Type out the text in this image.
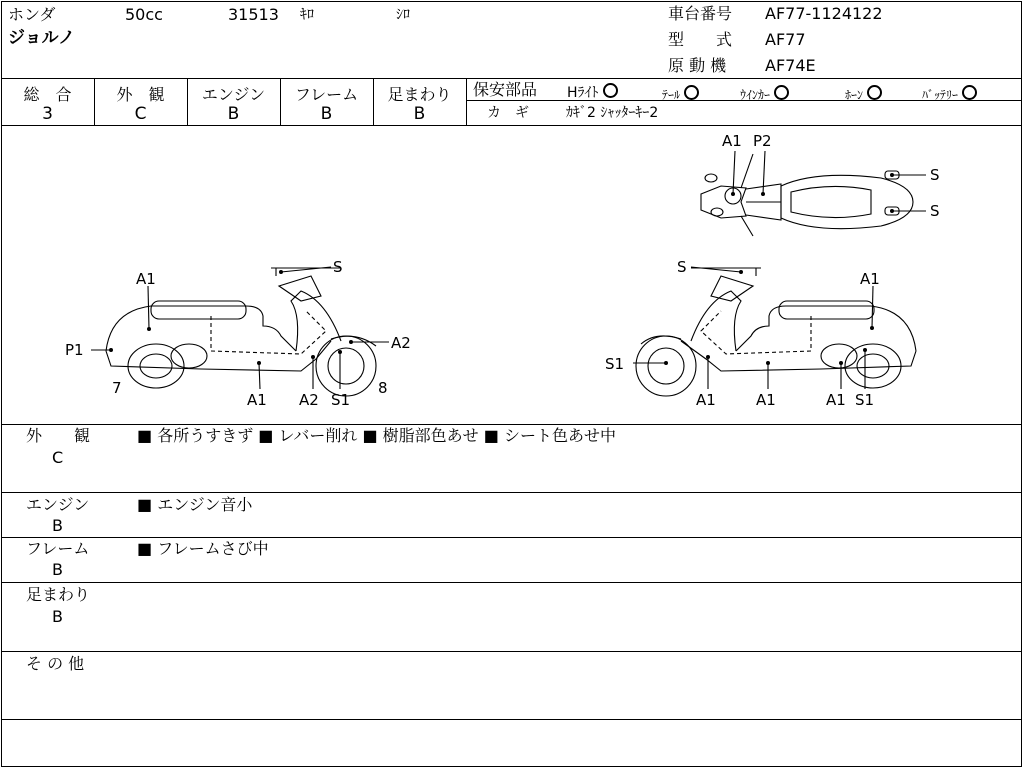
ホンダ	50cc	31513 ｷﾛ	ｼﾛ
ジョルノ
車台番号 AF77-1124122
型　　式 AF77
原 動 機 AF74E
総　合
3
外　観
C
エンジン
B
フレーム
B
足まわり
B
保安部品 Hﾗｲﾄ	ﾃｰﾙ	ｳｲﾝｶｰ	ﾎｰﾝ	ﾊﾞｯﾃﾘｰ
カ　ギ	ｶｷﾞ2 ｼｬｯﾀｰｷｰ2
A1 P2
S
S
S
A1
P1
7
A2
A1 A2 S1
8
S
A1
S1
A1	A1	A1 S1
外　　観
C
■ 各所うすきず ■ レバー削れ ■ 樹脂部色あせ ■ シート色あせ中
エンジン
B
■ エンジン音小
フレーム
B
■ フレームさび中
足まわり
B
そ の 他
